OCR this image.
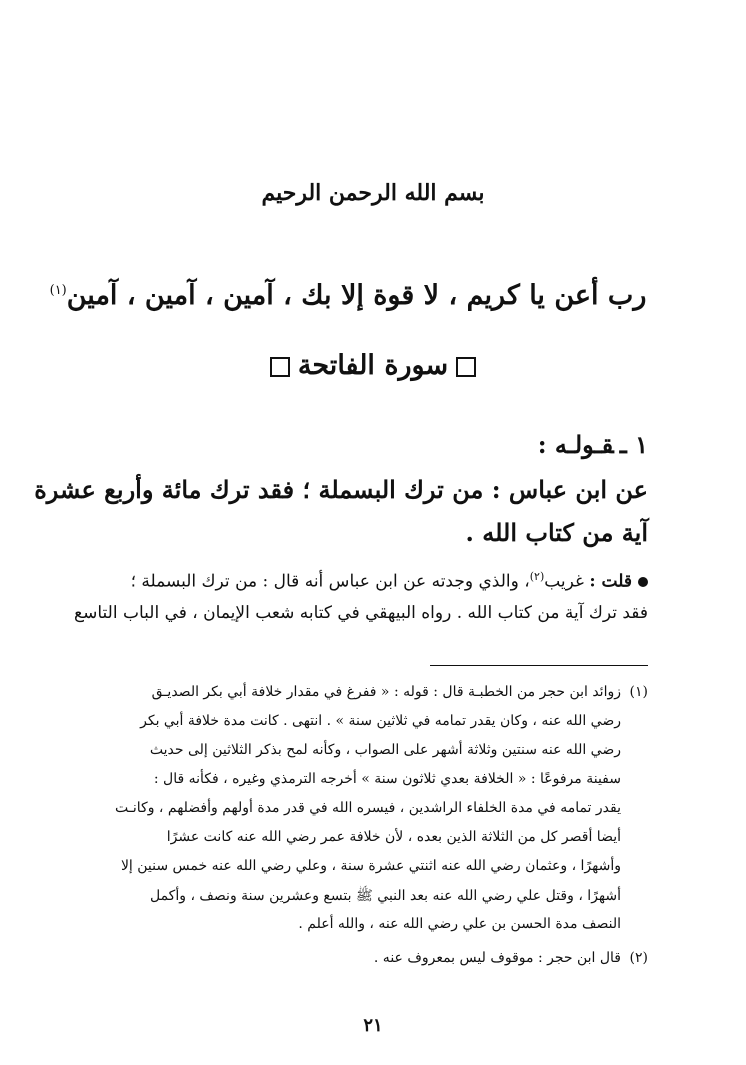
بسم الله الرحمن الرحيم
رب أعن يا كريم ، لا قوة إلا بك ، آمين ، آمين ، آمين$^{(١)}$
سورة الفاتحة
١ ـقـولـه :
عن ابن عباس : من ترك البسملة ؛ فقد ترك مائة وأربع عشرة
آية من كتاب الله .
قلت : غريب$^{(٢)}$، والذي وجدته عن ابن عباس أنه قال : من ترك البسملة ؛
فقد ترك آية من كتاب الله . رواه البيهقي في كتابه شعب الإيمان ، في الباب التاسع
(١)
زوائد ابن حجر من الخطبـة قال : قوله : « ففرغ في مقدار خلافة أبي بكر الصديـق
رضي الله عنه ، وكان يقدر تمامه في ثلاثين سنة » . انتهى . كانت مدة خلافة أبي بكر
رضي الله عنه سنتين وثلاثة أشهر على الصواب ، وكأنه لمح بذكر الثلاثين إلى حديث
سفينة مرفوعًا : « الخلافة بعدي ثلاثون سنة » أخرجه الترمذي وغيره ، فكأنه قال :
يقدر تمامه في مدة الخلفاء الراشدين ، فيسره الله في قدر مدة أولهم وأفضلهم ، وكانـت
أيضا أقصر كل من الثلاثة الذين بعده ، لأن خلافة عمر رضي الله عنه كانت عشرًا
وأشهرًا ، وعثمان رضي الله عنه اثنتي عشرة سنة ، وعلي رضي الله عنه خمس سنين إلا
أشهرًا ، وقتل علي رضي الله عنه بعد النبي ﷺ بتسع وعشرين سنة ونصف ، وأكمل
النصف مدة الحسن بن علي رضي الله عنه ، والله أعلم .
(٢)
قال ابن حجر : موقوف ليس بمعروف عنه .
٢١
